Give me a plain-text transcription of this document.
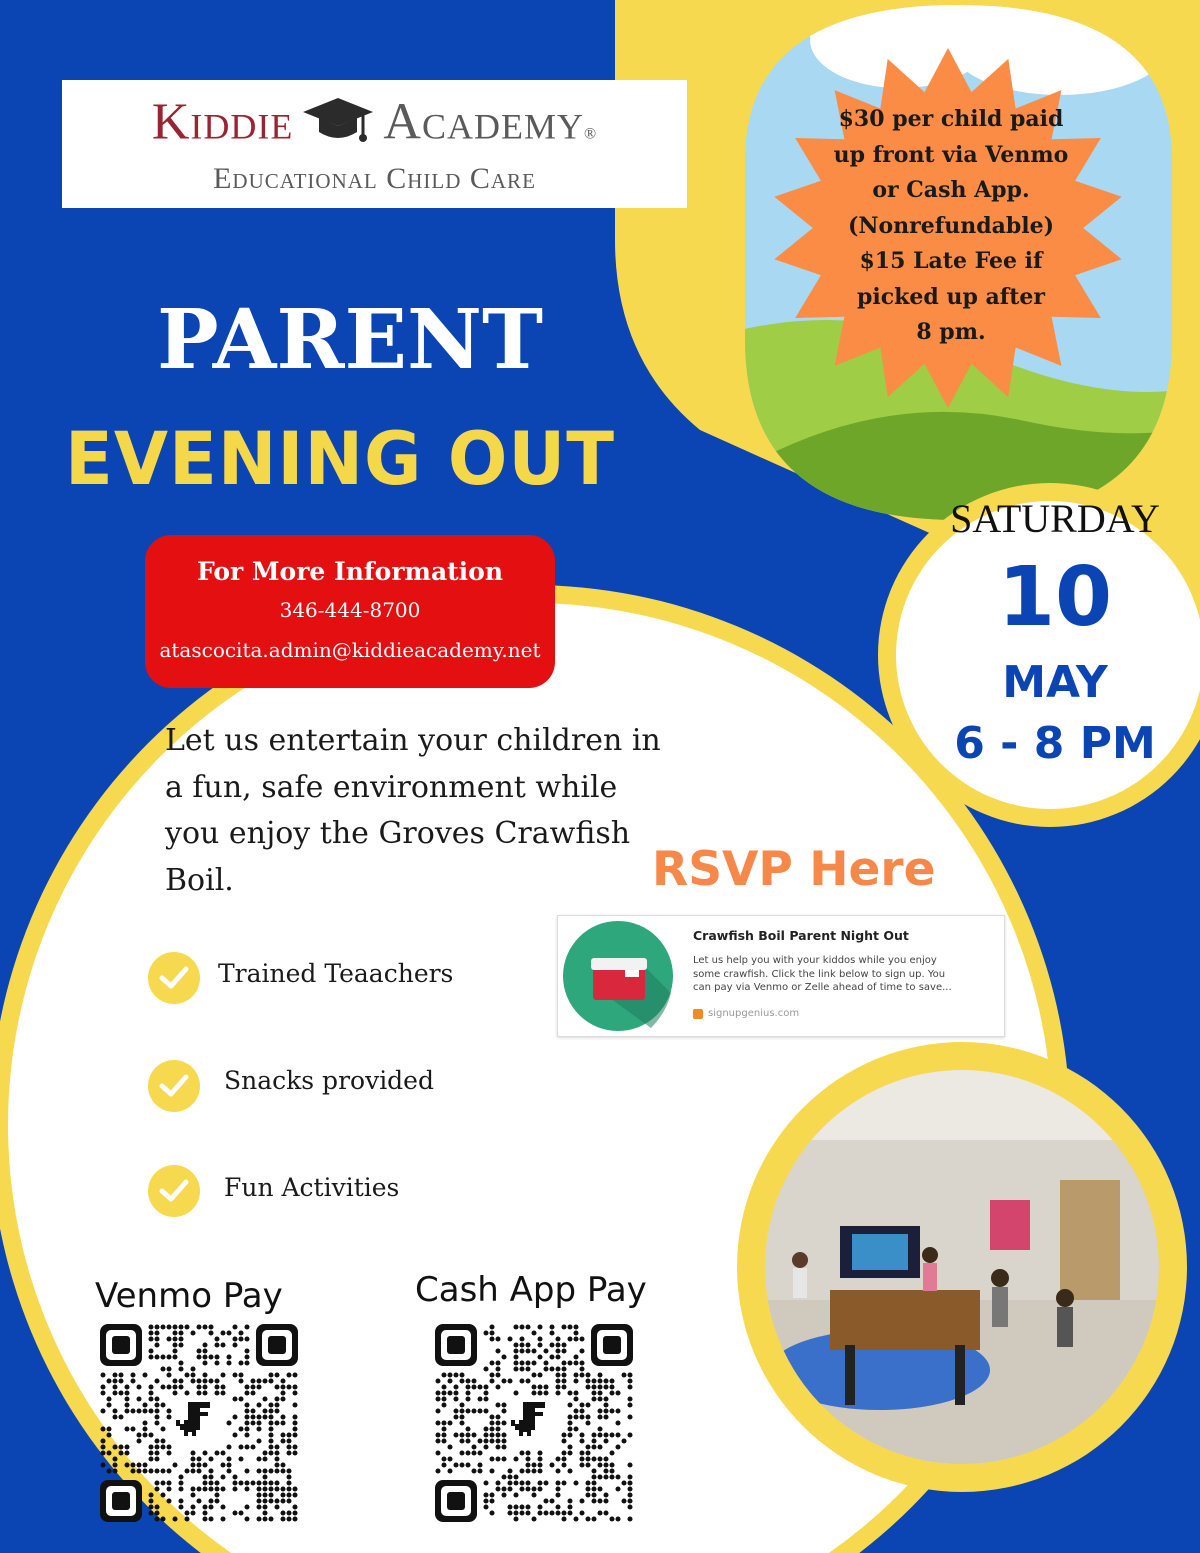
Kiddie Academy®
Educational Child Care
PARENT
EVENING OUT
For More Information
346-444-8700
atascocita.admin@kiddieacademy.net
Let us entertain your children in
a fun, safe environment while
you enjoy the Groves Crawfish
Boil.
Trained Teaachers
Snacks provided
Fun Activities
$30 per child paid
up front via Venmo
or Cash App.
(Nonrefundable)
$15 Late Fee if
picked up after
8 pm.
SATURDAY
10
MAY
6 - 8 PM
RSVP Here
Crawfish Boil Parent Night Out
Let us help you with your kiddos while you enjoy
some crawfish. Click the link below to sign up. You
can pay via Venmo or Zelle ahead of time to save...
signupgenius.com
Venmo Pay	Cash App Pay
